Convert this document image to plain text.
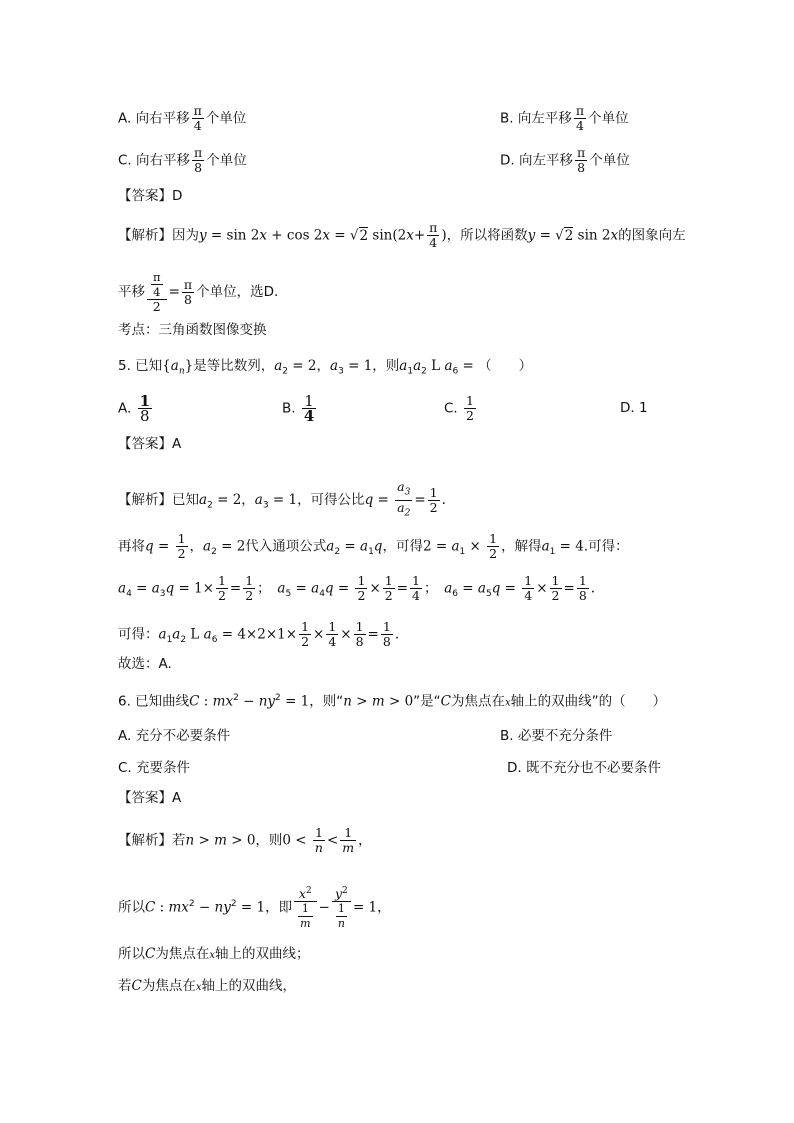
A. 向右平移 $\frac{\pi}{4}$ 个单位	B. 向左平移 $\frac{\pi}{4}$ 个单位
C. 向右平移 $\frac{\pi}{8}$ 个单位	D. 向左平移 $\frac{\pi}{8}$ 个单位
【答案】D
【解析】因为y = sin 2x + cos 2x = √2 $\sin(2x+ \frac{\pi}{4}$ )，所以将函数y = √2 sin 2x的图象向左
平移 $\frac{\frac{\pi}{4}}{2} = \frac{\pi}{8}$ 个单位，选D.
考点：三角函数图像变换
5. 已知$\{a_n\}$是等比数列，$a_2 = 2$，$a_3 = 1$，则$a_1a_2$ L $a_6$ = （　　）
A. $\frac{1}{8}$	B. $\frac{1}{4}$	C. $\frac{1}{2}$	D. 1
【答案】A
【解析】已知$a_2 = 2$，$a_3 = 1$，可得公比$q = \frac{a_3}{a_2} = \frac{1}{2}$ .
再将$q = \frac{1}{2}$ ，$a_2 = 2$代入通项公式$a_2 = a_1q$，可得$2 = a_1 \times \frac{1}{2}$ ，解得$a_1 = 4$.可得：
$a_4 = a_3q = 1\times \frac{1}{2} = \frac{1}{2}$ ；　$a_5 = a_4q = \frac{1}{2} \times \frac{1}{2} = \frac{1}{4}$ ；　$a_6 = a_5q = \frac{1}{4} \times \frac{1}{2} = \frac{1}{8}$ .
可得：$a_1a_2$ L $a_6 = 4\times 2\times 1\times \frac{1}{2} \times \frac{1}{4} \times \frac{1}{8} = \frac{1}{8}$ .
故选：A.
6. 已知曲线C : $mx^2 - ny^2 = 1$，则“n > m > 0”是“C为焦点在x轴上的双曲线”的（　　）
A. 充分不必要条件	B. 必要不充分条件
C. 充要条件	D. 既不充分也不必要条件
【答案】A
【解析】若n > m > 0，则$0 < \frac{1}{n} < \frac{1}{m}$ ，
所以C : $mx^2 - ny^2 = 1$，即 $\frac{x^2}{\frac{1}{m}} - \frac{y^2}{\frac{1}{n}} = 1$，
所以C为焦点在x轴上的双曲线；
若C为焦点在x轴上的双曲线，
